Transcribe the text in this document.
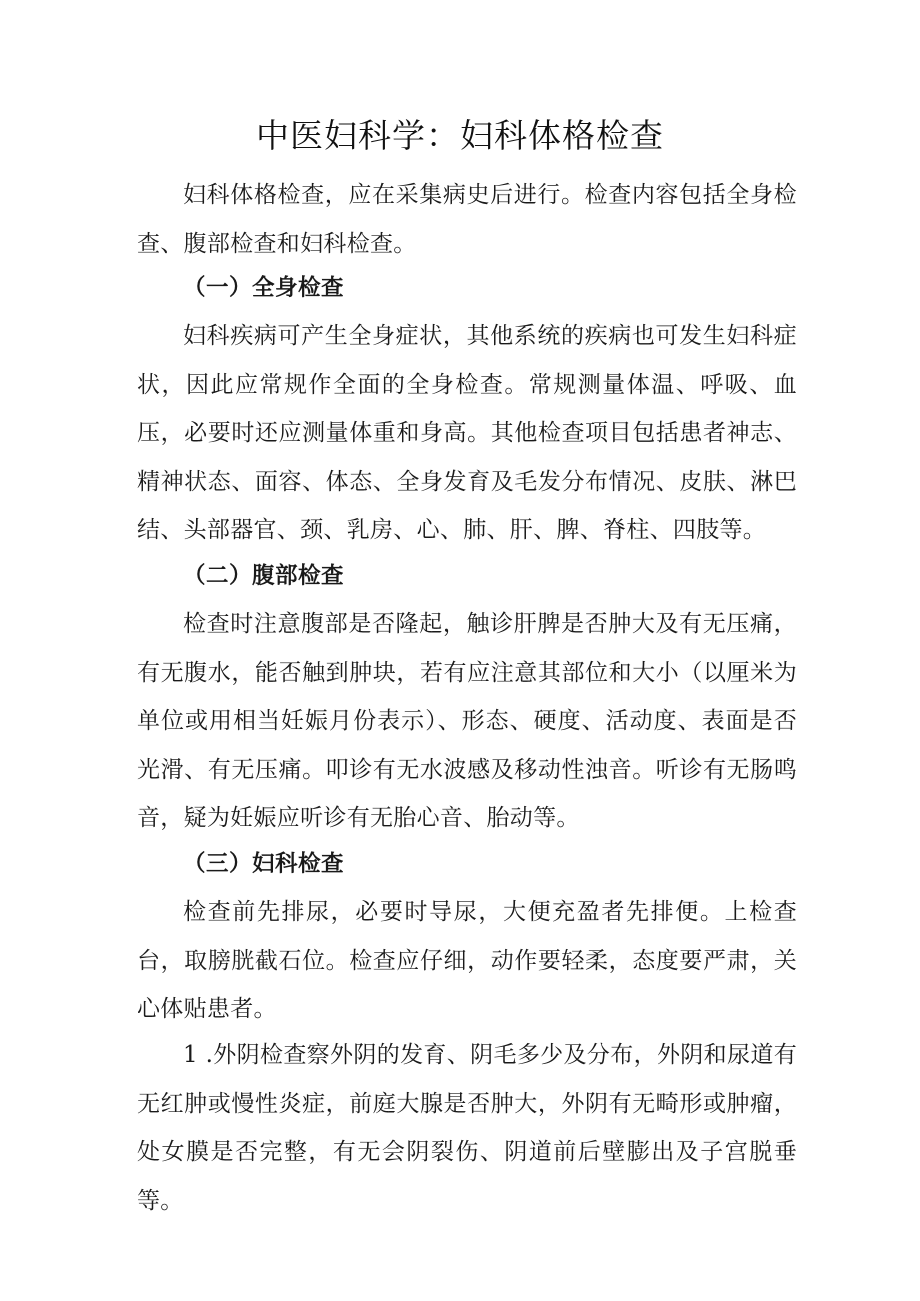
中医妇科学：妇科体格检查

妇科体格检查，应在采集病史后进行。检查内容包括全身检查、腹部检查和妇科检查。

（一）全身检查

妇科疾病可产生全身症状，其他系统的疾病也可发生妇科症状，因此应常规作全面的全身检查。常规测量体温、呼吸、血压，必要时还应测量体重和身高。其他检查项目包括患者神志、精神状态、面容、体态、全身发育及毛发分布情况、皮肤、淋巴结、头部器官、颈、乳房、心、肺、肝、脾、脊柱、四肢等。

（二）腹部检查

检查时注意腹部是否隆起，触诊肝脾是否肿大及有无压痛，有无腹水，能否触到肿块，若有应注意其部位和大小（以厘米为单位或用相当妊娠月份表示）、形态、硬度、活动度、表面是否光滑、有无压痛。叩诊有无水波感及移动性浊音。听诊有无肠鸣音，疑为妊娠应听诊有无胎心音、胎动等。

（三）妇科检查

检查前先排尿，必要时导尿，大便充盈者先排便。上检查台，取膀胱截石位。检查应仔细，动作要轻柔，态度要严肃，关心体贴患者。

1 .外阴检查察外阴的发育、阴毛多少及分布，外阴和尿道有无红肿或慢性炎症，前庭大腺是否肿大，外阴有无畸形或肿瘤，处女膜是否完整，有无会阴裂伤、阴道前后壁膨出及子宫脱垂等。
